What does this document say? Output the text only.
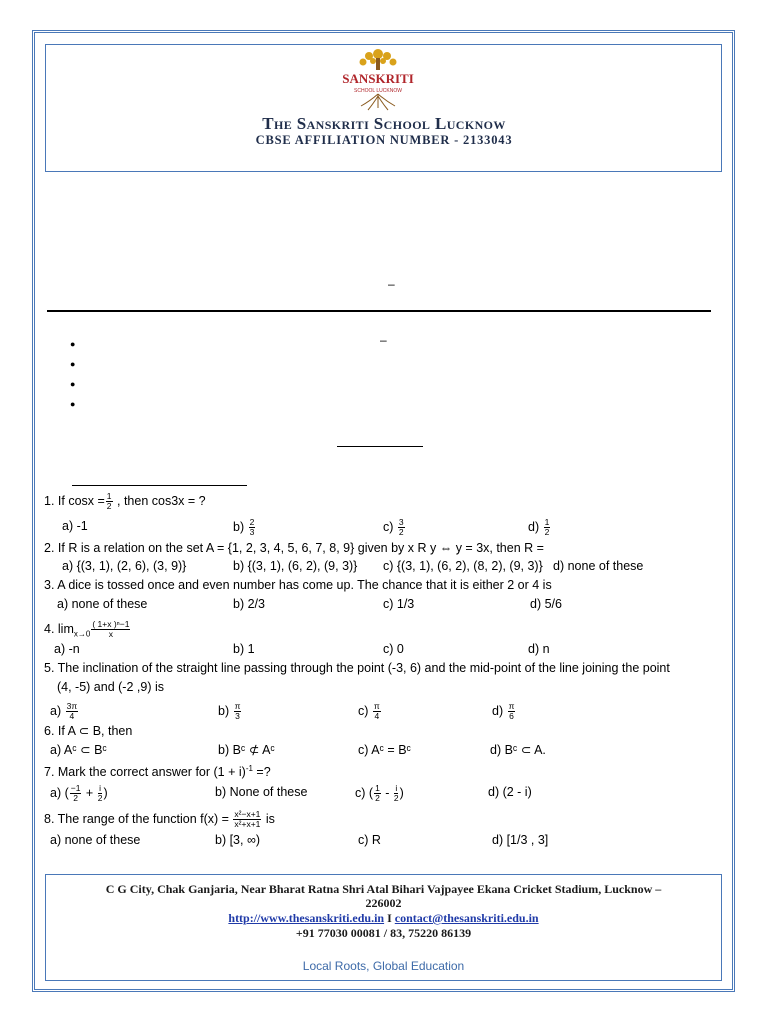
SANSKRITI
SCHOOL LUCKNOW
The Sanskriti School Lucknow
CBSE AFFILIATION NUMBER - 2133043
–
●
●
●
●
–
1. If $\cos x = \frac{1}{2}$ , then cos3x = ?
a) -1	$b) \frac{2}{3}$	$c) \frac{3}{2}$	$d) \frac{1}{2}$
2. If R is a relation on the set A = {1, 2, 3, 4, 5, 6, 7, 8, 9} given by x R y ⇔ y = 3x, then R =
a) {(3, 1), (2, 6), (3, 9)}	b) {(3, 1), (6, 2), (9, 3)} c) {(3, 1), (6, 2), (8, 2), (9, 3)} d) none of these
3. A dice is tossed once and even number has come up. The chance that it is either 2 or 4 is
a) none of these	b) 2/3	c) 1/3	d) 5/6
4. $\lim_{x\to 0} \frac{\text{( 1+x )ⁿ−1}}{x}$
a) -n	b) 1	c) 0	d) n
5. The inclination of the straight line passing through the point (-3, 6) and the mid-point of the line joining the point
(4, -5) and (-2 ,9) is
$a) \frac{3\pi}{4}$	$b) \frac{\pi}{3}$	$c) \frac{\pi}{4}$	$d) \frac{\pi}{6}$
6. If A ⊂ B, then
a) Aᶜ ⊂ Bᶜ	b) Bᶜ ⊄ Aᶜ	c) Aᶜ = Bᶜ	d) Bᶜ ⊂ A.
7. Mark the correct answer for $(1 + i)^{-1}$ =?
a) ( $\frac{-1}{2} + \frac{i}{2}$ )	b) None of these	c) ( $\frac{1}{2} - \frac{i}{2}$ )	d) (2 - i)
8. The range of the function $f(x) = \frac{\text{x²−x+1}}{\text{x²+x+1}}$ is
a) none of these	b) [3, ∞)	c) R	d) [1/3 , 3]
C G City, Chak Ganjaria, Near Bharat Ratna Shri Atal Bihari Vajpayee Ekana Cricket Stadium, Lucknow –
226002
http://www.thesanskriti.edu.in I contact@thesanskriti.edu.in
+91 77030 00081 / 83, 75220 86139
Local Roots, Global Education
